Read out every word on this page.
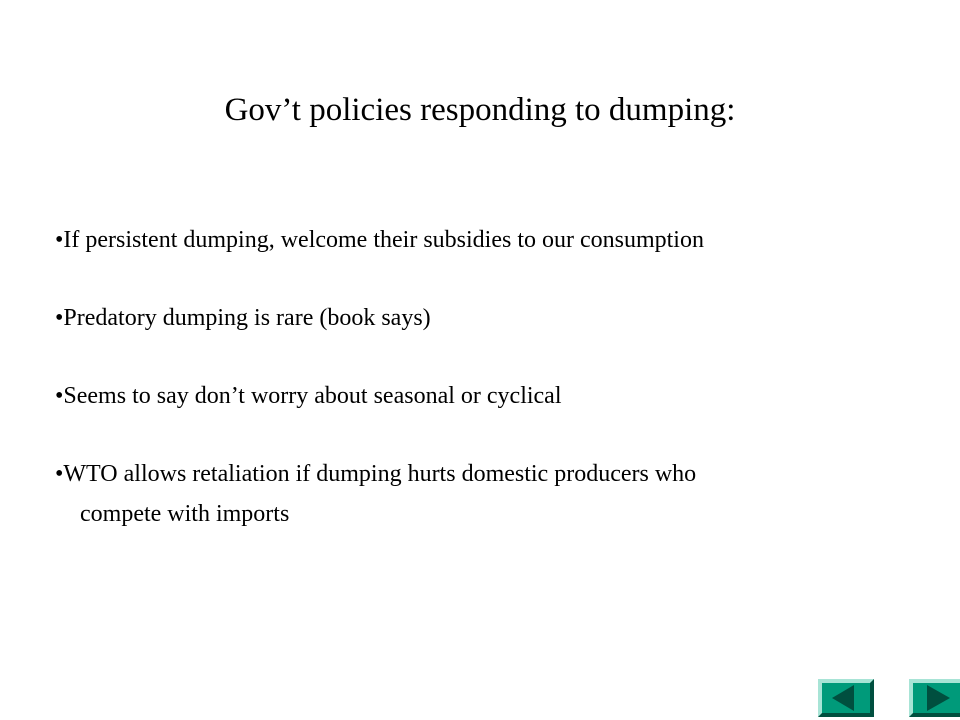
Gov’t policies responding to dumping:
•If persistent dumping, welcome their subsidies to our consumption
•Predatory dumping is rare (book says)
•Seems to say don’t worry about seasonal or cyclical
•WTO allows retaliation if dumping hurts domestic producers who
compete with imports
